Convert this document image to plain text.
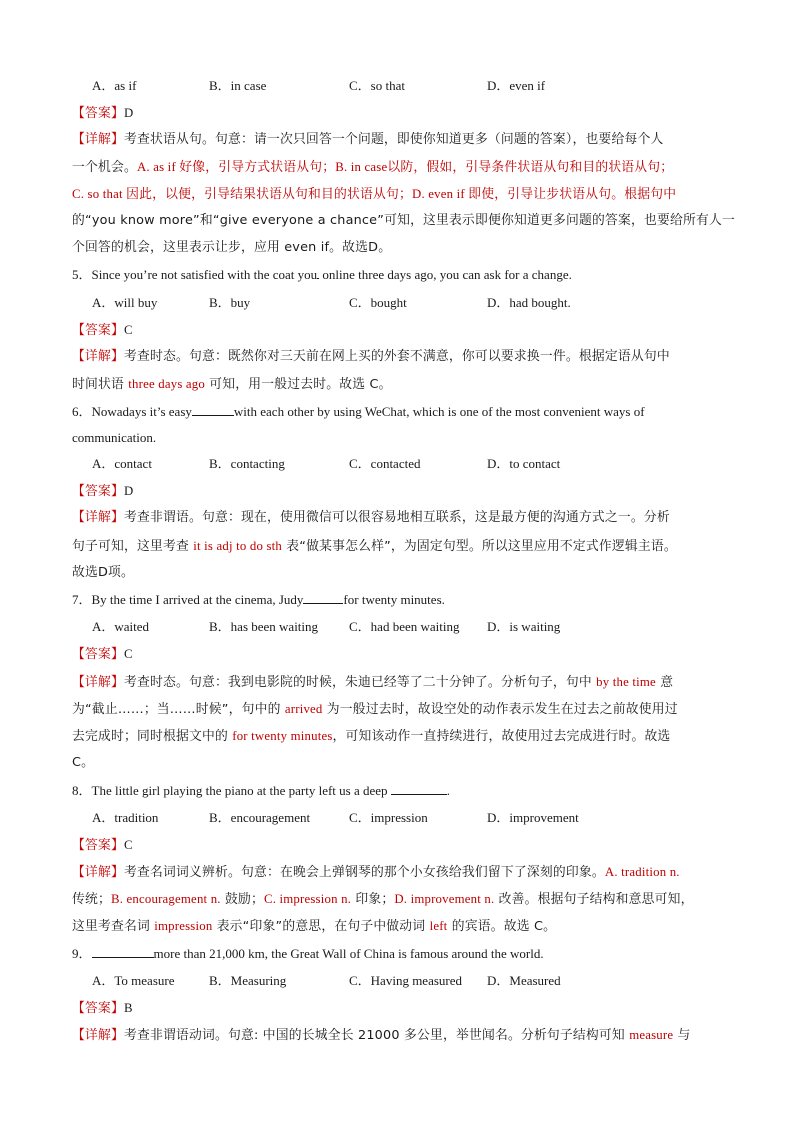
A．as if	B．in case	C．so that	D．even if
【答案】D
【详解】考查状语从句。句意：请一次只回答一个问题，即使你知道更多（问题的答案），也要给每个人
一个机会。A. as if 好像，引导方式状语从句；B. in case以防，假如，引导条件状语从句和目的状语从句；
C. so that 因此，以便，引导结果状语从句和目的状语从句；D. even if 即使，引导让步状语从句。根据句中
的“you know more”和“give everyone a chance”可知，这里表示即便你知道更多问题的答案，也要给所有人一
个回答的机会，这里表示让步，应用 even if。故选D。
5．Since you’re not satisfied with the coat you online three days ago, you can ask for a change.
A．will buy	B．buy	C．bought	D．had bought.
【答案】C
【详解】考查时态。句意：既然你对三天前在网上买的外套不满意，你可以要求换一件。根据定语从句中
时间状语 three days ago 可知，用一般过去时。故选 C。
6．Nowadays it’s easy	with each other by using WeChat, which is one of the most convenient ways of
communication.
A．contact	B．contacting	C．contacted	D．to contact
【答案】D
【详解】考查非谓语。句意：现在，使用微信可以很容易地相互联系，这是最方便的沟通方式之一。分析
句子可知，这里考查 it is adj to do sth 表“做某事怎么样”，为固定句型。所以这里应用不定式作逻辑主语。
故选D项。
7．By the time I arrived at the cinema, Judy	for twenty minutes.
A．waited	B．has been waiting C．had been waiting D．is waiting
【答案】C
【详解】考查时态。句意：我到电影院的时候，朱迪已经等了二十分钟了。分析句子，句中 by the time 意
为“截止……；当……时候”，句中的 arrived 为一般过去时，故设空处的动作表示发生在过去之前故使用过
去完成时；同时根据文中的 for twenty minutes，可知该动作一直持续进行，故使用过去完成进行时。故选
C。
8．The little girl playing the piano at the party left us a deep	.
A．tradition	B．encouragement	C．impression	D．improvement
【答案】C
【详解】考查名词词义辨析。句意：在晚会上弹钢琴的那个小女孩给我们留下了深刻的印象。A. tradition n.
传统；B. encouragement n. 鼓励；C. impression n. 印象；D. improvement n. 改善。根据句子结构和意思可知，
这里考查名词 impression 表示“印象”的意思，在句子中做动词 left 的宾语。故选 C。
9．	more than 21,000 km, the Great Wall of China is famous around the world.
A．To measure	B．Measuring	C．Having measured D．Measured
【答案】B
【详解】考查非谓语动词。句意: 中国的长城全长 21000 多公里，举世闻名。分析句子结构可知 measure 与
